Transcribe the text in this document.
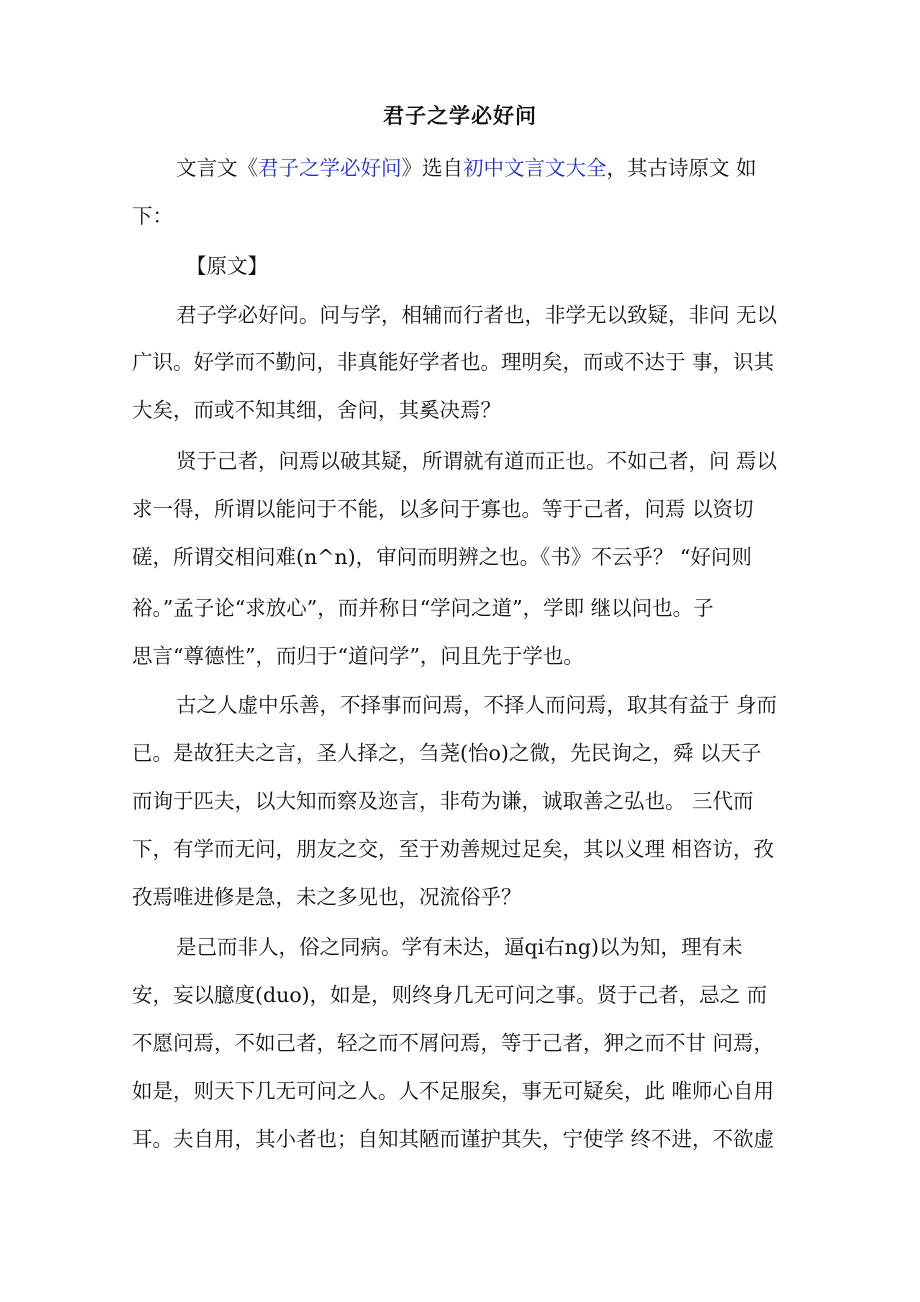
君子之学必好问
文言文《君子之学必好问》选自初中文言文大全，其古诗原文 如
下：
【原文】
君子学必好问。问与学，相辅而行者也，非学无以致疑，非问 无以
广识。好学而不勤问，非真能好学者也。理明矣，而或不达于 事，识其
大矣，而或不知其细，舍问，其奚决焉？
贤于己者，问焉以破其疑，所谓就有道而正也。不如己者，问 焉以
求一得，所谓以能问于不能，以多问于寡也。等于己者，问焉 以资切
磋，所谓交相问难(n^n)，审问而明辨之也。《书》不云乎？ “好问则
裕。”孟子论“求放心”，而并称日“学问之道”，学即 继以问也。子
思言“尊德性”，而归于“道问学”，问且先于学也。
古之人虚中乐善，不择事而问焉，不择人而问焉，取其有益于 身而
已。是故狂夫之言，圣人择之，刍荛(怡o)之微，先民询之，舜 以天子
而询于匹夫，以大知而察及迩言，非苟为谦，诚取善之弘也。 三代而
下，有学而无问，朋友之交，至于劝善规过足矣，其以义理 相咨访，孜
孜焉唯进修是急，未之多见也，况流俗乎？
是己而非人，俗之同病。学有未达，逼qi右ng)以为知，理有未
安，妄以臆度(duo)，如是，则终身几无可问之事。贤于己者，忌之 而
不愿问焉，不如己者，轻之而不屑问焉，等于己者，狎之而不甘 问焉，
如是，则天下几无可问之人。人不足服矣，事无可疑矣，此 唯师心自用
耳。夫自用，其小者也；自知其陋而谨护其失，宁使学 终不进，不欲虚
